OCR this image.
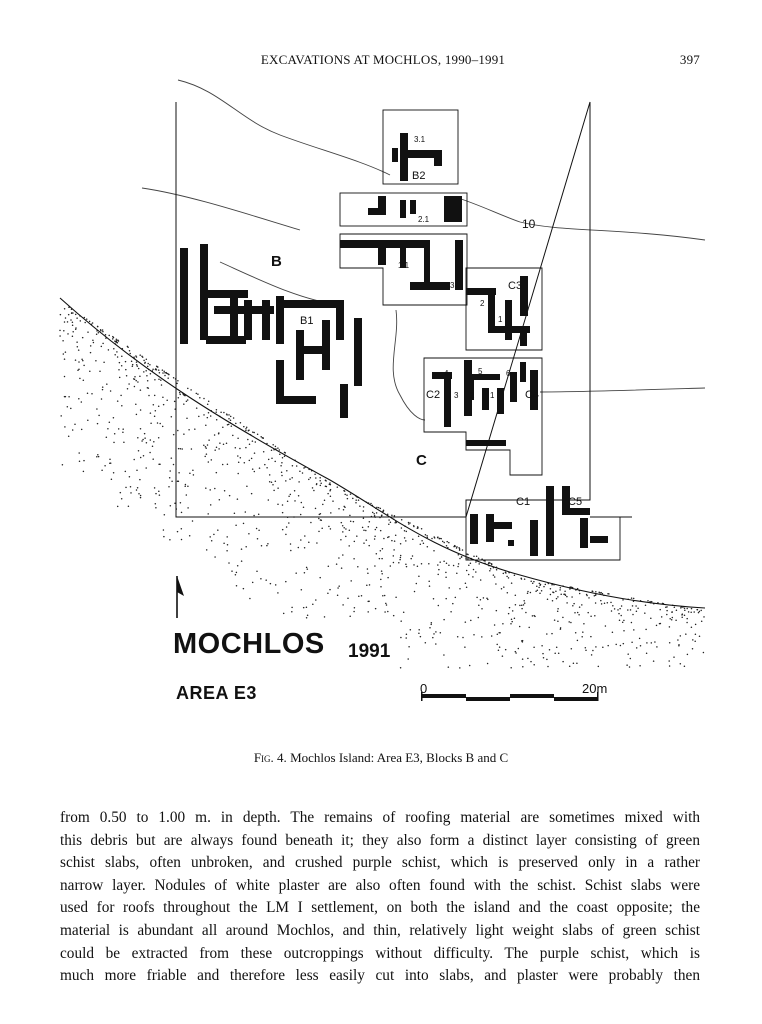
EXCAVATIONS AT MOCHLOS, 1990–1991	397
10
B
C
B1
B2
C1
C2
C3
C4
C5
3.1
2.1
1.1
3
2
1
4
5	6
4
3 2 1
MOCHLOS 1991
AREA E3	0	20m
Fig. 4. Mochlos Island: Area E3, Blocks B and C
from 0.50 to 1.00 m. in depth. The remains of roofing material are sometimes mixed with
this debris but are always found beneath it; they also form a distinct layer consisting of green
schist slabs, often unbroken, and crushed purple schist, which is preserved only in a rather
narrow layer. Nodules of white plaster are also often found with the schist. Schist slabs were
used for roofs throughout the LM I settlement, on both the island and the coast opposite; the
material is abundant all around Mochlos, and thin, relatively light weight slabs of green schist
could be extracted from these outcroppings without difficulty. The purple schist, which is
much more friable and therefore less easily cut into slabs, and plaster were probably then
